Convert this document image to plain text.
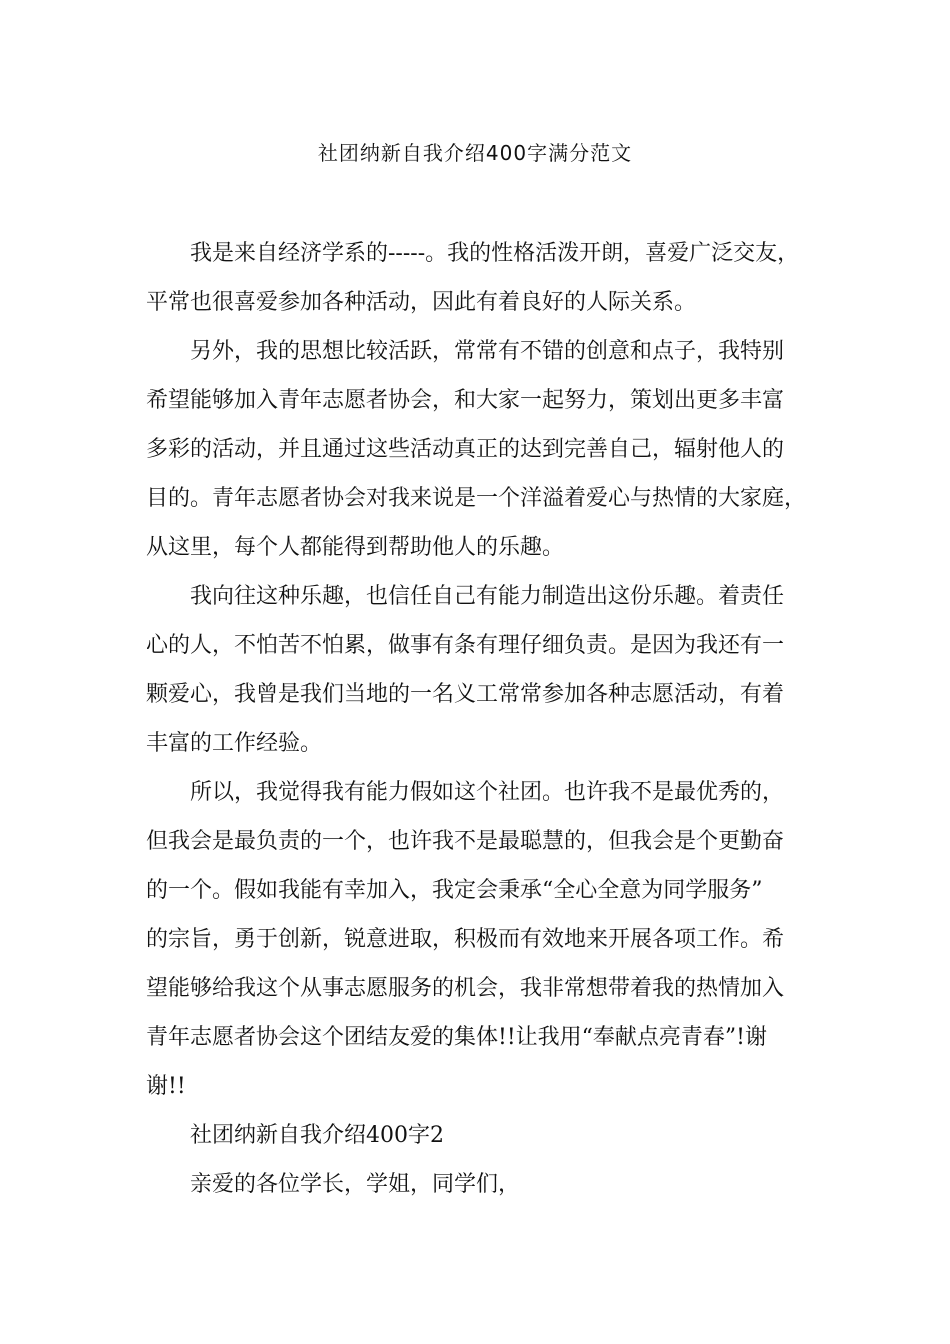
社团纳新自我介绍400字满分范文
我是来自经济学系的-----。我的性格活泼开朗，喜爱广泛交友，
平常也很喜爱参加各种活动，因此有着良好的人际关系。
另外，我的思想比较活跃，常常有不错的创意和点子，我特别
希望能够加入青年志愿者协会，和大家一起努力，策划出更多丰富
多彩的活动，并且通过这些活动真正的达到完善自己，辐射他人的
目的。青年志愿者协会对我来说是一个洋溢着爱心与热情的大家庭，
从这里，每个人都能得到帮助他人的乐趣。
我向往这种乐趣，也信任自己有能力制造出这份乐趣。着责任
心的人，不怕苦不怕累，做事有条有理仔细负责。是因为我还有一
颗爱心，我曾是我们当地的一名义工常常参加各种志愿活动，有着
丰富的工作经验。
所以，我觉得我有能力假如这个社团。也许我不是最优秀的，
但我会是最负责的一个，也许我不是最聪慧的，但我会是个更勤奋
的一个。假如我能有幸加入，我定会秉承“全心全意为同学服务”
的宗旨，勇于创新，锐意进取，积极而有效地来开展各项工作。希
望能够给我这个从事志愿服务的机会，我非常想带着我的热情加入
青年志愿者协会这个团结友爱的集体!!让我用“奉献点亮青春”!谢
谢!!
社团纳新自我介绍400字2
亲爱的各位学长，学姐，同学们，
